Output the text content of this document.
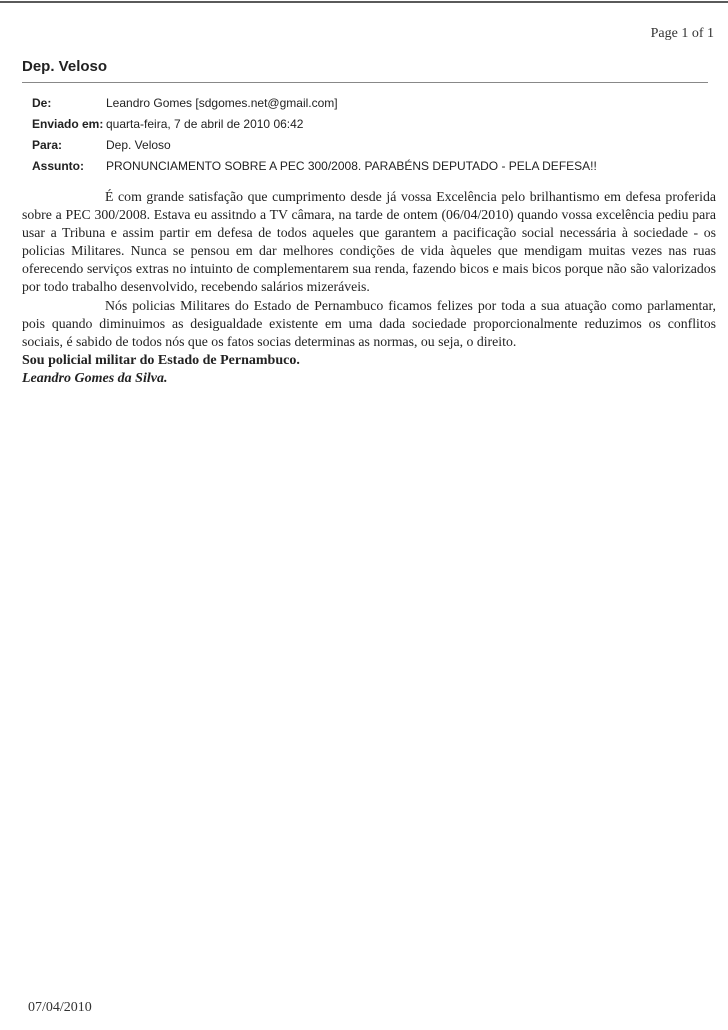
Page 1 of 1
Dep. Veloso
De:	Leandro Gomes [sdgomes.net@gmail.com]
Enviado em: quarta-feira, 7 de abril de 2010 06:42
Para:	Dep. Veloso
Assunto: PRONUNCIAMENTO SOBRE A PEC 300/2008. PARABÉNS DEPUTADO - PELA DEFESA!!

É com grande satisfação que cumprimento desde já vossa Excelência pelo brilhantismo em defesa proferida sobre a PEC 300/2008. Estava eu assitndo a TV câmara, na tarde de ontem (06/04/2010) quando vossa excelência pediu para usar a Tribuna e assim partir em defesa de todos aqueles que garantem a pacificação social necessária à sociedade - os policias Militares. Nunca se pensou em dar melhores condições de vida àqueles que mendigam muitas vezes nas ruas oferecendo serviços extras no intuinto de complementarem sua renda, fazendo bicos e mais bicos porque não são valorizados por todo trabalho desenvolvido, recebendo salários mizeráveis.

Nós policias Militares do Estado de Pernambuco ficamos felizes por toda a sua atuação como parlamentar, pois quando diminuimos as desigualdade existente em uma dada sociedade proporcionalmente reduzimos os conflitos sociais, é sabido de todos nós que os fatos socias determinas as normas, ou seja, o direito.

Sou policial militar do Estado de Pernambuco.
Leandro Gomes da Silva.
07/04/2010
